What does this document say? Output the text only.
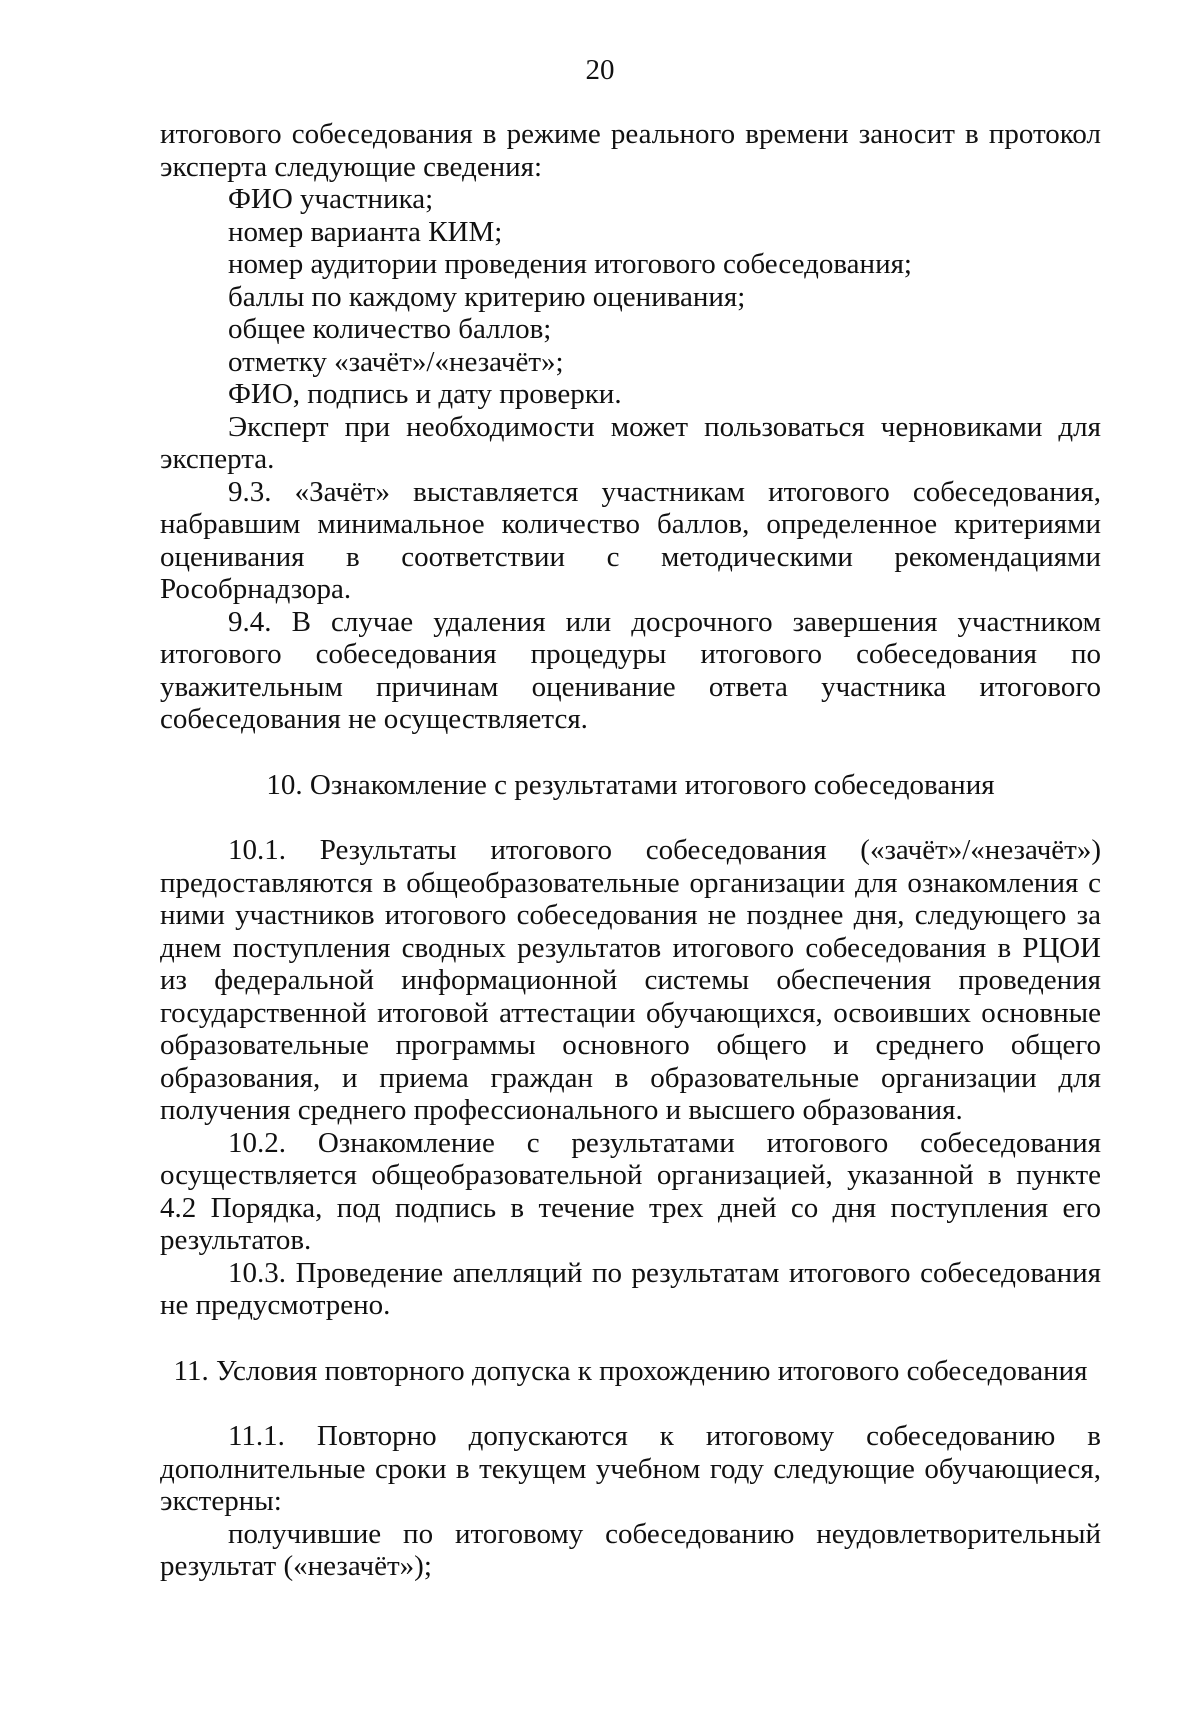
20

итогового собеседования в режиме реального времени заносит в протокол эксперта следующие сведения:

ФИО участника;

номер варианта КИМ;

номер аудитории проведения итогового собеседования;

баллы по каждому критерию оценивания;

общее количество баллов;

отметку «зачёт»/«незачёт»;

ФИО, подпись и дату проверки.

Эксперт при необходимости может пользоваться черновиками для эксперта.

9.3. «Зачёт» выставляется участникам итогового собеседования, набравшим минимальное количество баллов, определенное критериями оценивания в соответствии с методическими рекомендациями Рособрнадзора.

9.4. В случае удаления или досрочного завершения участником итогового собеседования процедуры итогового собеседования по уважительным причинам оценивание ответа участника итогового собеседования не осуществляется.

10. Ознакомление с результатами итогового собеседования

10.1. Результаты итогового собеседования («зачёт»/«незачёт») предоставляются в общеобразовательные организации для ознакомления с ними участников итогового собеседования не позднее дня, следующего за днем поступления сводных результатов итогового собеседования в РЦОИ из федеральной информационной системы обеспечения проведения государственной итоговой аттестации обучающихся, освоивших основные образовательные программы основного общего и среднего общего образования, и приема граждан в образовательные организации для получения среднего профессионального и высшего образования.

10.2. Ознакомление с результатами итогового собеседования осуществляется общеобразовательной организацией, указанной в пункте 4.2 Порядка, под подпись в течение трех дней со дня поступления его результатов.

10.3. Проведение апелляций по результатам итогового собеседования не предусмотрено.

11. Условия повторного допуска к прохождению итогового собеседования

11.1. Повторно допускаются к итоговому собеседованию в дополнительные сроки в текущем учебном году следующие обучающиеся, экстерны:

получившие по итоговому собеседованию неудовлетворительный результат («незачёт»);
